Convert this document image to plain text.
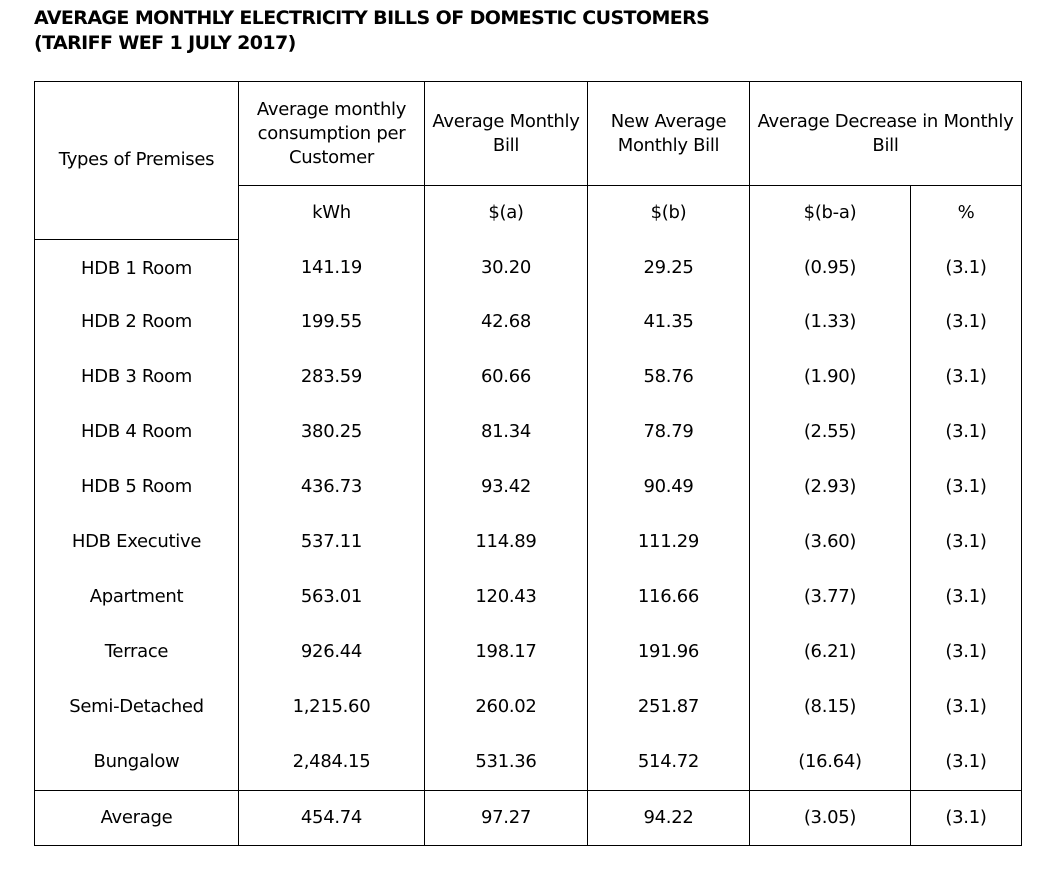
AVERAGE MONTHLY ELECTRICITY BILLS OF DOMESTIC CUSTOMERS
(TARIFF WEF 1 JULY 2017)
Types of Premises	Average monthly consumption per Customer	Average Monthly Bill	New Average Monthly Bill	Average Decrease in Monthly Bill	
	kWh	$(a)	$(b)	$(b-a)	%
HDB 1 Room	141.19	30.20	29.25	(0.95)	(3.1)
HDB 2 Room	199.55	42.68	41.35	(1.33)	(3.1)
HDB 3 Room	283.59	60.66	58.76	(1.90)	(3.1)
HDB 4 Room	380.25	81.34	78.79	(2.55)	(3.1)
HDB 5 Room	436.73	93.42	90.49	(2.93)	(3.1)
HDB Executive	537.11	114.89	111.29	(3.60)	(3.1)
Apartment	563.01	120.43	116.66	(3.77)	(3.1)
Terrace	926.44	198.17	191.96	(6.21)	(3.1)
Semi-Detached	1,215.60	260.02	251.87	(8.15)	(3.1)
Bungalow	2,484.15	531.36	514.72	(16.64)	(3.1)
Average	454.74	97.27	94.22	(3.05)	(3.1)
